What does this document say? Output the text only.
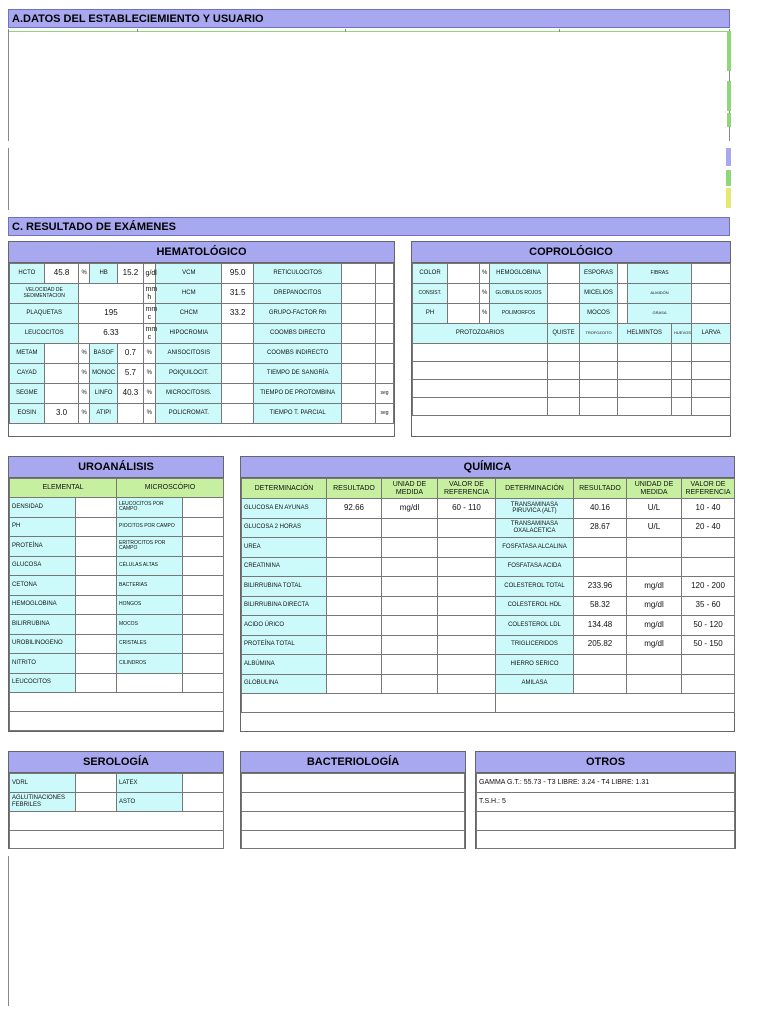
A.DATOS DEL ESTABLECIEMIENTO Y USUARIO
C. RESULTADO DE EXÁMENES
HEMATOLÓGICO
HCTO	45.8	%	HB	15.2	g/dl	VCM	95.0	RETICULOCITOS		
VELOCIDAD DE SEDIMENTACION					mm h	HCM	31.5	DREPANOCITOS		
PLAQUETAS		195			mm c	CHCM	33.2	GRUPO-FACTOR Rh		
LEUCOCITOS		6.33			mm c	HIPOCROMIA		COOMBS DIRECTO		
METAM		%	BASOF	0.7	%	ANISOCITOSIS		COOMBS INDIRECTO		
CAYAD		%	MONOC	5.7	%	POIQUILOCIT.		TIEMPO DE SANGRÍA		
SEGME		%	LINFO	40.3	%	MICROCITOSIS.		TIEMPO DE PROTOMBINA		seg
EOSIN	3.0	%	ATIPI		%	POLICROMAT.		TIEMPO T. PARCIAL		seg

COPROLÓGICO
COLOR		%	HEMOGLOBINA		ESPORAS		FIBRAS		
CONSIST.		%	GLOBULOS ROJOS		MICELIOS		ALMIDÓN		
PH		%	POLIMORFOS		MOCOS		GRASA		
PROTOZOARIOS				QUISTE	TROFOZOITO	HELMINTOS		HUEVOS	LARVA

UROANÁLISIS
ELEMENTAL		MICROSCÓPIO	
DENSIDAD		LEUCOCITOS POR CAMPO	
PH		PIOCITOS POR CAMPO	
PROTEÍNA		ERITROCITOS POR CAMPO	
GLUCOSA		CÉLULAS ALTAS	
CETONA		BACTERIAS	
HEMOGLOBINA		HONGOS	
BILIRRUBINA		MOCOS	
UROBILINOGENO		CRISTALES	
NITRITO		CILINDROS	
LEUCOCITOS			

QUÍMICA
DETERMINACIÓN	RESULTADO	UNIAD DE MEDIDA	VALOR DE REFERENCIA	DETERMINACIÓN	RESULTADO	UNIDAD DE MEDIDA	VALOR DE REFERENCIA
GLUCOSA EN AYUNAS	92.66	mg/dl	60 - 110	TRANSAMINASA PIRUVICA (ALT)	40.16	U/L	10 - 40
GLUCOSA 2 HORAS				TRANSAMINASA OXALACETICA	28.67	U/L	20 - 40
UREA				FOSFATASA ALCALINA			
CREATININA				FOSFATASA ACIDA			
BILIRRUBINA TOTAL				COLESTEROL TOTAL	233.96	mg/dl	120 - 200
BILIRRUBINA DIRECTA				COLESTEROL HDL	58.32	mg/dl	35 - 60
ACIDO ÚRICO				COLESTEROL LDL	134.48	mg/dl	50 - 120
PROTEÍNA TOTAL				TRIGLICERIDOS	205.82	mg/dl	50 - 150
ALBÚMINA				HIERRO SERICO			
GLOBULINA				AMILASA			

SEROLOGÍA
VDRL		LATEX	
AGLUTINACIONES FEBRILES		ASTO	

BACTERIOLOGÍA	OTROS
GAMMA G.T.: 55.73 - T3 LIBRE: 3.24 - T4 LIBRE: 1.31
T.S.H.: 5
